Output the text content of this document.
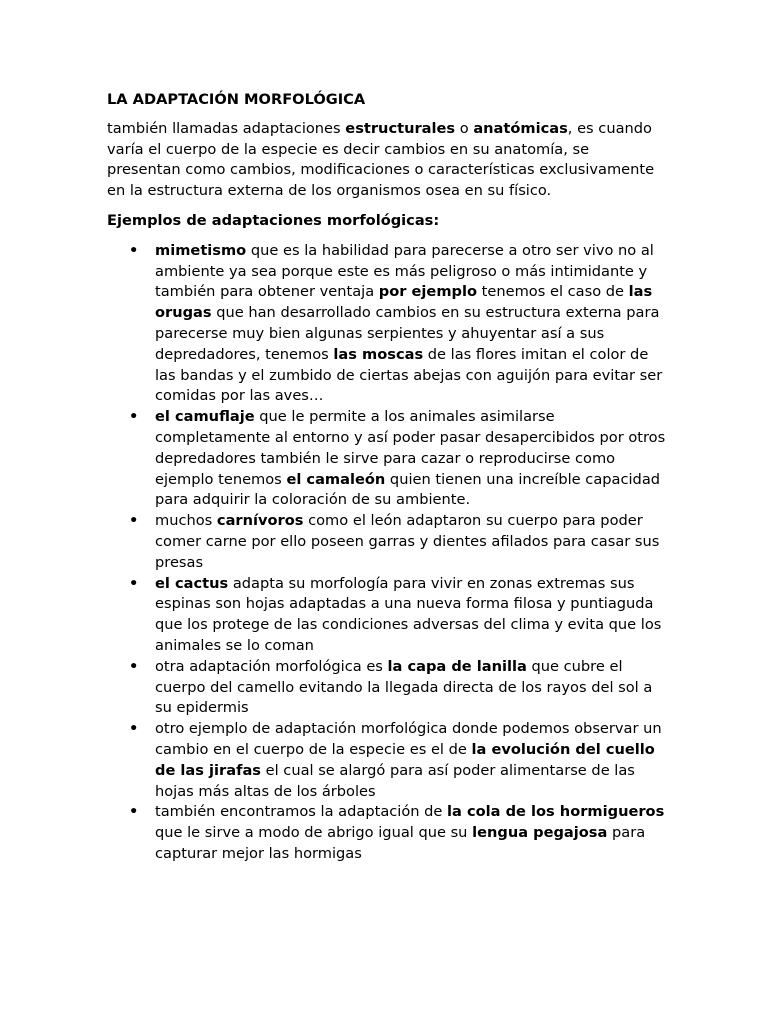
LA ADAPTACIÓN MORFOLÓGICA

también llamadas adaptaciones estructurales o anatómicas, es cuando varía el cuerpo de la especie es decir cambios en su anatomía, se presentan como cambios, modificaciones o características exclusivamente en la estructura externa de los organismos osea en su físico.

Ejemplos de adaptaciones morfológicas:

• mimetismo que es la habilidad para parecerse a otro ser vivo no al ambiente ya sea porque este es más peligroso o más intimidante y también para obtener ventaja por ejemplo tenemos el caso de las orugas que han desarrollado cambios en su estructura externa para parecerse muy bien algunas serpientes y ahuyentar así a sus depredadores, tenemos las moscas de las flores imitan el color de las bandas y el zumbido de ciertas abejas con aguijón para evitar ser comidas por las aves…
• el camuflaje que le permite a los animales asimilarse completamente al entorno y así poder pasar desapercibidos por otros depredadores también le sirve para cazar o reproducirse como ejemplo tenemos el camaleón quien tienen una increíble capacidad para adquirir la coloración de su ambiente.
• muchos carnívoros como el león adaptaron su cuerpo para poder comer carne por ello poseen garras y dientes afilados para casar sus presas
• el cactus adapta su morfología para vivir en zonas extremas sus espinas son hojas adaptadas a una nueva forma filosa y puntiaguda que los protege de las condiciones adversas del clima y evita que los animales se lo coman
• otra adaptación morfológica es la capa de lanilla que cubre el cuerpo del camello evitando la llegada directa de los rayos del sol a su epidermis
• otro ejemplo de adaptación morfológica donde podemos observar un cambio en el cuerpo de la especie es el de la evolución del cuello de las jirafas el cual se alargó para así poder alimentarse de las hojas más altas de los árboles
• también encontramos la adaptación de la cola de los hormigueros que le sirve a modo de abrigo igual que su lengua pegajosa para capturar mejor las hormigas
